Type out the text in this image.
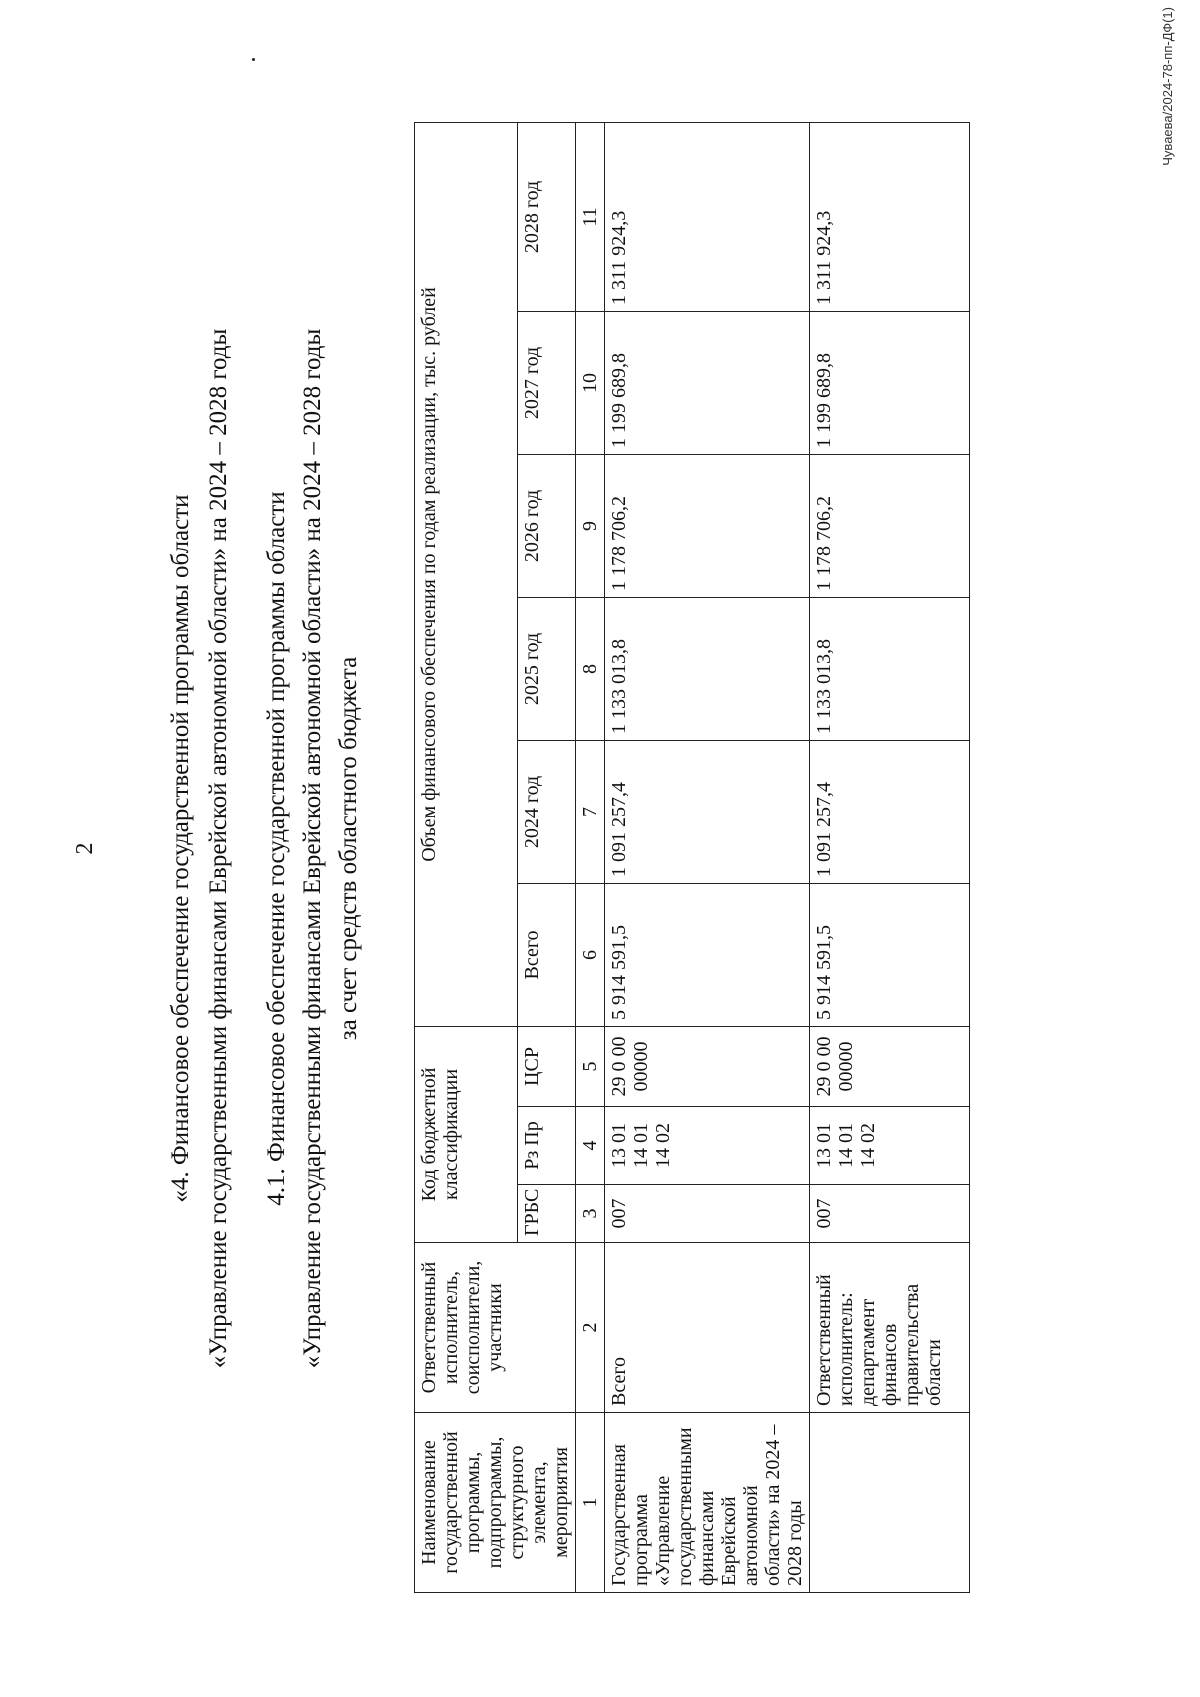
2	«4. Финансовое обеспечение государственной программы области «Управление государственными финансами Еврейской автономной области» на 2024 – 2028 годы 4.1. Финансовое обеспечение государственной программы области «Управление государственными финансами Еврейской автономной области» на 2024 – 2028 годы за счет средств областного бюджета
Наименование государственной программы, подпрограммы, структурного элемента, мероприятия	Ответственный исполнитель, соисполнители, участники	Код бюджетной классификации			Объем финансового обеспечения по годам реализации, тыс. рублей					
		ГРБС	Рз Пр	ЦСР	Всего	2024 год	2025 год	2026 год	2027 год	2028 год
1	2	3	4	5	6	7	8	9	10	11
Государственная программа «Управление государственными финансами Еврейской автономной области» на 2024 – 2028 годы	Всего	007	13 01 14 01 14 02	29 0 00 00000	5 914 591,5	1 091 257,4	1 133 013,8	1 178 706,2	1 199 689,8	1 311 924,3
	Ответственный исполнитель: департамент финансов правительства области	007	13 01 14 01 14 02	29 0 00 00000	5 914 591,5	1 091 257,4	1 133 013,8	1 178 706,2	1 199 689,8	1 311 924,3
Чуваева/2024-78-пп-ДФ(1)
